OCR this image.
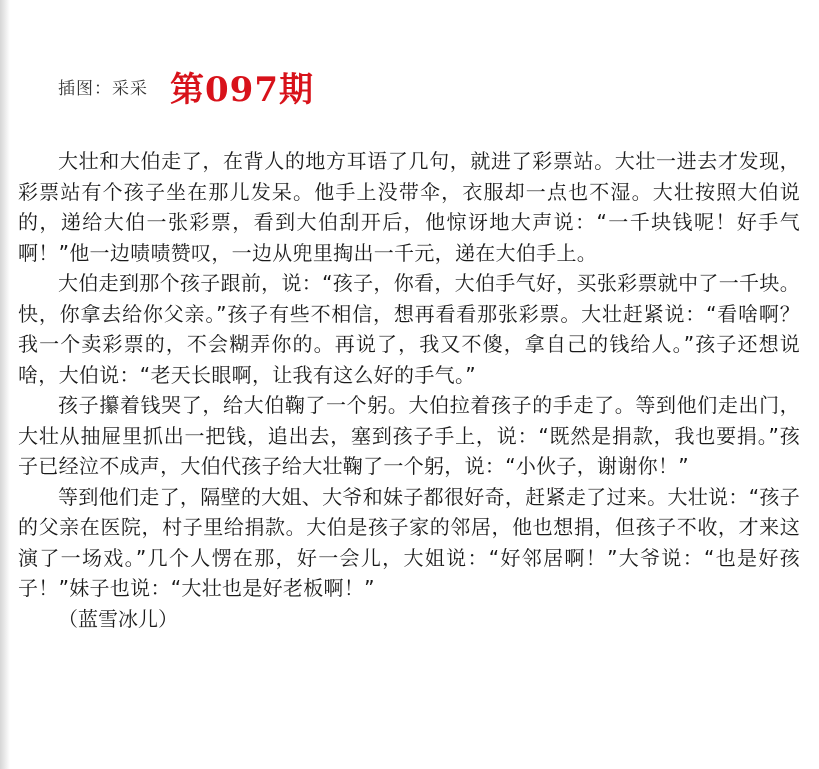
插图：采采 第097期

大壮和大伯走了，在背人的地方耳语了几句，就进了彩票站。大壮一进去才发现，彩票站有个孩子坐在那儿发呆。他手上没带伞，衣服却一点也不湿。大壮按照大伯说的，递给大伯一张彩票，看到大伯刮开后，他惊讶地大声说：“一千块钱呢！好手气啊！”他一边啧啧赞叹，一边从兜里掏出一千元，递在大伯手上。

大伯走到那个孩子跟前，说：“孩子，你看，大伯手气好，买张彩票就中了一千块。快，你拿去给你父亲。”孩子有些不相信，想再看看那张彩票。大壮赶紧说：“看啥啊？我一个卖彩票的，不会糊弄你的。再说了，我又不傻，拿自己的钱给人。”孩子还想说啥，大伯说：“老天长眼啊，让我有这么好的手气。”

孩子攥着钱哭了，给大伯鞠了一个躬。大伯拉着孩子的手走了。等到他们走出门，大壮从抽屉里抓出一把钱，追出去，塞到孩子手上，说：“既然是捐款，我也要捐。”孩子已经泣不成声，大伯代孩子给大壮鞠了一个躬，说：“小伙子，谢谢你！”

等到他们走了，隔壁的大姐、大爷和妹子都很好奇，赶紧走了过来。大壮说：“孩子的父亲在医院，村子里给捐款。大伯是孩子家的邻居，他也想捐，但孩子不收，才来这演了一场戏。”几个人愣在那，好一会儿，大姐说：“好邻居啊！”大爷说：“也是好孩子！”妹子也说：“大壮也是好老板啊！”

（蓝雪冰儿）
